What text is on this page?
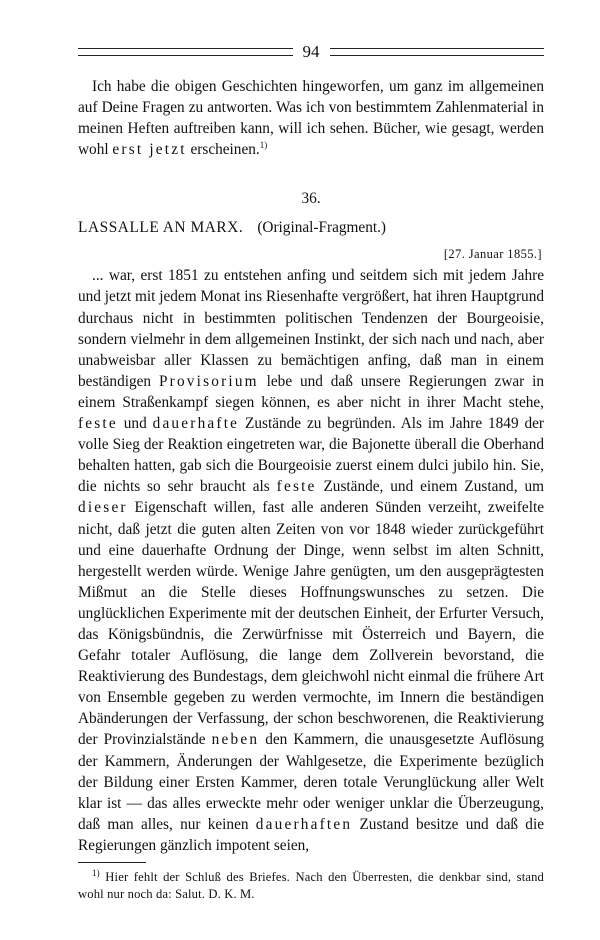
94

Ich habe die obigen Geschichten hingeworfen, um ganz im allgemeinen auf Deine Fragen zu antworten. Was ich von bestimmtem Zahlenmaterial in meinen Heften auftreiben kann, will ich sehen. Bücher, wie gesagt, werden wohl erst jetzt erscheinen.$^{1)}$

36.
LASSALLE AN MARX. (Original-Fragment.)
[27. Januar 1855.]

... war, erst 1851 zu entstehen anfing und seitdem sich mit jedem Jahre und jetzt mit jedem Monat ins Riesenhafte vergrößert, hat ihren Hauptgrund durchaus nicht in bestimmten politischen Tendenzen der Bourgeoisie, sondern vielmehr in dem allgemeinen Instinkt, der sich nach und nach, aber unabweisbar aller Klassen zu bemächtigen anfing, daß man in einem beständigen Provisorium lebe und daß unsere Regierungen zwar in einem Straßenkampf siegen können, es aber nicht in ihrer Macht stehe, feste und dauerhafte Zustände zu begründen. Als im Jahre 1849 der volle Sieg der Reaktion eingetreten war, die Bajonette überall die Oberhand behalten hatten, gab sich die Bourgeoisie zuerst einem dulci jubilo hin. Sie, die nichts so sehr braucht als feste Zustände, und einem Zustand, um dieser Eigenschaft willen, fast alle anderen Sünden verzeiht, zweifelte nicht, daß jetzt die guten alten Zeiten von vor 1848 wieder zurückgeführt und eine dauerhafte Ordnung der Dinge, wenn selbst im alten Schnitt, hergestellt werden würde. Wenige Jahre genügten, um den ausgeprägtesten Mißmut an die Stelle dieses Hoffnungswunsches zu setzen. Die unglücklichen Experimente mit der deutschen Einheit, der Erfurter Versuch, das Königsbündnis, die Zerwürfnisse mit Österreich und Bayern, die Gefahr totaler Auflösung, die lange dem Zollverein bevorstand, die Reaktivierung des Bundestags, dem gleichwohl nicht einmal die frühere Art von Ensemble gegeben zu werden vermochte, im Innern die beständigen Abänderungen der Verfassung, der schon beschworenen, die Reaktivierung der Provinzialstände neben den Kammern, die unausgesetzte Auflösung der Kammern, Änderungen der Wahlgesetze, die Experimente bezüglich der Bildung einer Ersten Kammer, deren totale Verunglückung aller Welt klar ist — das alles erweckte mehr oder weniger unklar die Überzeugung, daß man alles, nur keinen dauerhaften Zustand besitze und daß die Regierungen gänzlich impotent seien,

$^{1)}$ Hier fehlt der Schluß des Briefes. Nach den Überresten, die denkbar sind, stand wohl nur noch da: Salut. D. K. M.
